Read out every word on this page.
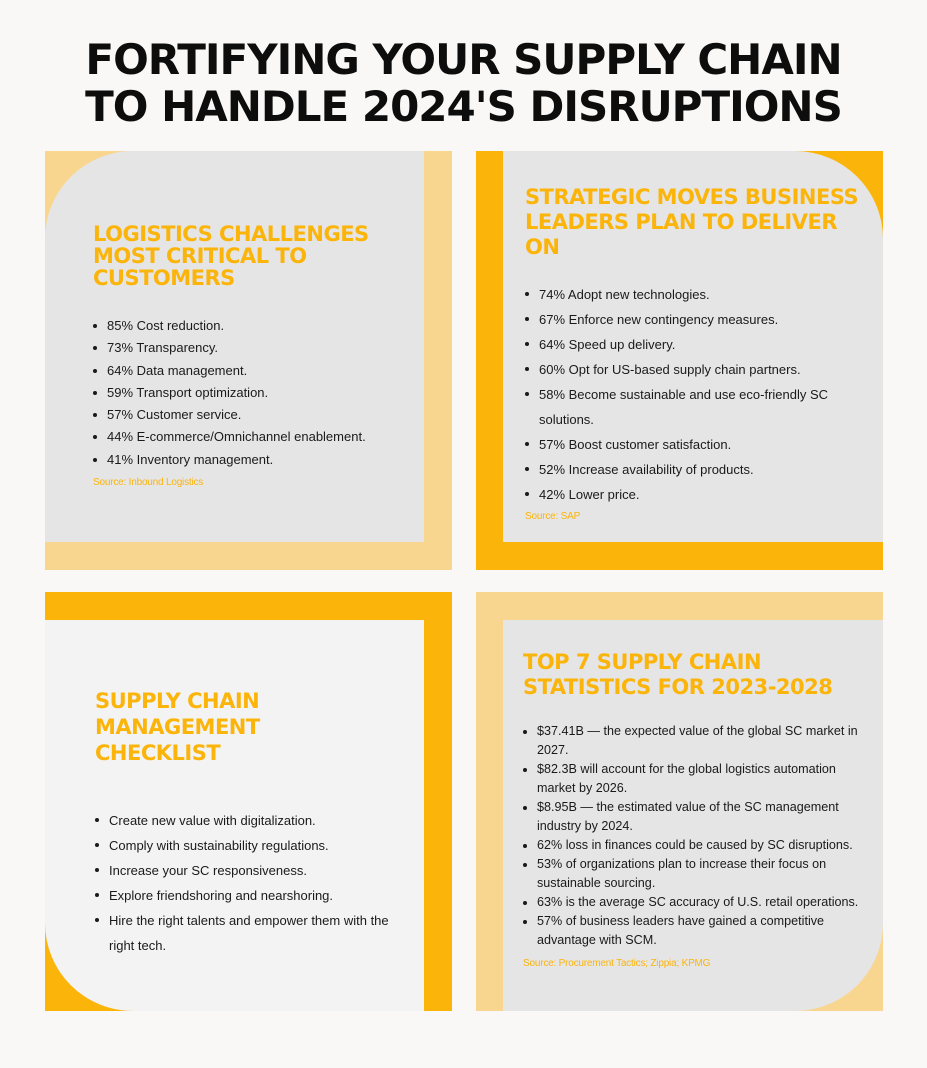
FORTIFYING YOUR SUPPLY CHAIN
TO HANDLE 2024'S DISRUPTIONS
LOGISTICS CHALLENGES
MOST CRITICAL TO
CUSTOMERS
85% Cost reduction.
73% Transparency.
64% Data management.
59% Transport optimization.
57% Customer service.
44% E-commerce/Omnichannel enablement.
41% Inventory management.
Source: Inbound Logistics
STRATEGIC MOVES BUSINESS
LEADERS PLAN TO DELIVER ON
74% Adopt new technologies.
67% Enforce new contingency measures.
64% Speed up delivery.
60% Opt for US-based supply chain partners.
58% Become sustainable and use eco-friendly SC solutions.
57% Boost customer satisfaction.
52% Increase availability of products.
42% Lower price.
Source: SAP
SUPPLY CHAIN
MANAGEMENT
CHECKLIST
Create new value with digitalization.
Comply with sustainability regulations.
Increase your SC responsiveness.
Explore friendshoring and nearshoring.
Hire the right talents and empower them with the right tech.
TOP 7 SUPPLY CHAIN
STATISTICS FOR 2023-2028
$37.41B — the expected value of the global SC market in 2027.
$82.3B will account for the global logistics automation market by 2026.
$8.95B — the estimated value of the SC management industry by 2024.
62% loss in finances could be caused by SC disruptions.
53% of organizations plan to increase their focus on sustainable sourcing.
63% is the average SC accuracy of U.S. retail operations.
57% of business leaders have gained a competitive advantage with SCM.
Source: Procurement Tactics; Zippia; KPMG
